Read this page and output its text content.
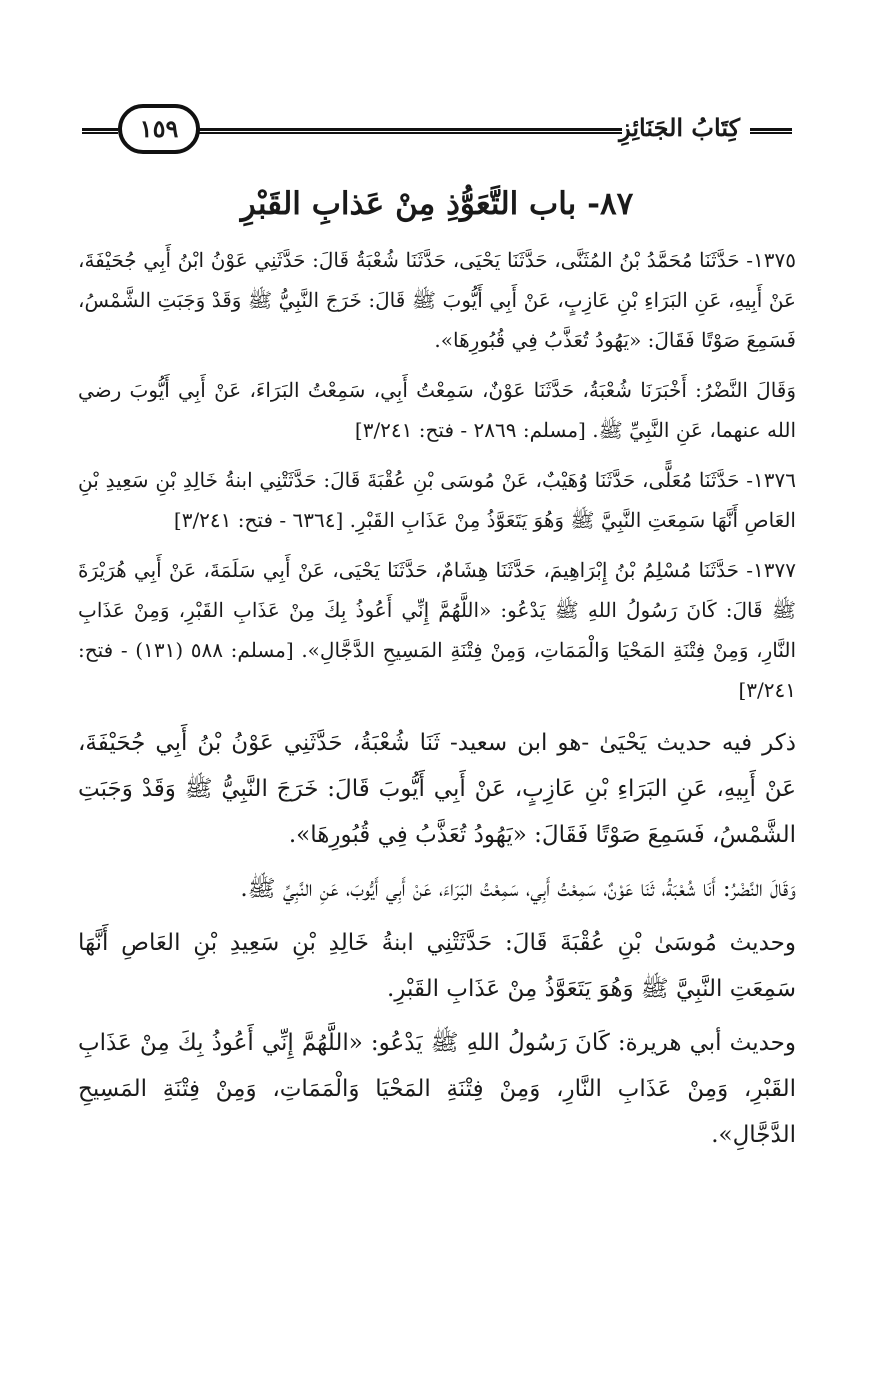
كِتَابُ الجَنَائِزِ
١٥٩
٨٧- باب التَّعَوُّذِ مِنْ عَذابِ القَبْرِ

١٣٧٥- حَدَّثَنَا مُحَمَّدُ بْنُ المُثَنَّى، حَدَّثَنَا يَحْيَى، حَدَّثَنَا شُعْبَةُ قَالَ: حَدَّثَنِي عَوْنُ ابْنُ أَبِي جُحَيْفَةَ، عَنْ أَبِيهِ، عَنِ البَرَاءِ بْنِ عَازِبٍ، عَنْ أَبِي أَيُّوبَ ﷺ قَالَ: خَرَجَ النَّبِيُّ ﷺ وَقَدْ وَجَبَتِ الشَّمْسُ، فَسَمِعَ صَوْتًا فَقَالَ: «يَهُودُ تُعَذَّبُ فِي قُبُورِهَا».

وَقَالَ النَّضْرُ: أَخْبَرَنَا شُعْبَةُ، حَدَّثَنَا عَوْنٌ، سَمِعْتُ أَبِي، سَمِعْتُ البَرَاءَ، عَنْ أَبِي أَيُّوبَ رضي الله عنهما، عَنِ النَّبِيِّ ﷺ. [مسلم: ٢٨٦٩ - فتح: ٣/٢٤١]

١٣٧٦- حَدَّثَنَا مُعَلًّى، حَدَّثَنَا وُهَيْبٌ، عَنْ مُوسَى بْنِ عُقْبَةَ قَالَ: حَدَّثَتْنِي ابنةُ خَالِدِ بْنِ سَعِيدِ بْنِ العَاصِ أَنَّهَا سَمِعَتِ النَّبِيَّ ﷺ وَهُوَ يَتَعَوَّذُ مِنْ عَذَابِ القَبْرِ. [٦٣٦٤ - فتح: ٣/٢٤١]

١٣٧٧- حَدَّثَنَا مُسْلِمُ بْنُ إِبْرَاهِيمَ، حَدَّثَنَا هِشَامٌ، حَدَّثَنَا يَحْيَى، عَنْ أَبِي سَلَمَةَ، عَنْ أَبِي هُرَيْرَةَ ﷺ قَالَ: كَانَ رَسُولُ اللهِ ﷺ يَدْعُو: «اللَّهُمَّ إِنِّي أَعُوذُ بِكَ مِنْ عَذَابِ القَبْرِ، وَمِنْ عَذَابِ النَّارِ، وَمِنْ فِتْنَةِ المَحْيَا وَالْمَمَاتِ، وَمِنْ فِتْنَةِ المَسِيحِ الدَّجَّالِ». [مسلم: ٥٨٨ (١٣١) - فتح: ٣/٢٤١]

ذكر فيه حديث يَحْيَىٰ -هو ابن سعيد- ثَنَا شُعْبَةُ، حَدَّثَنِي عَوْنُ بْنُ أَبِي جُحَيْفَةَ، عَنْ أَبِيهِ، عَنِ البَرَاءِ بْنِ عَازِبٍ، عَنْ أَبِي أَيُّوبَ قَالَ: خَرَجَ النَّبِيُّ ﷺ وَقَدْ وَجَبَتِ الشَّمْسُ، فَسَمِعَ صَوْتًا فَقَالَ: «يَهُودُ تُعَذَّبُ فِي قُبُورِهَا».

وَقَالَ النَّضْرُ: أَنَا شُعْبَةُ، ثَنَا عَوْنٌ، سَمِعْتُ أَبِي، سَمِعْتُ البَرَاءَ، عَنْ أَبِي أَيُّوبَ، عَنِ النَّبِيِّ ﷺ.

وحديث مُوسَىٰ بْنِ عُقْبَةَ قَالَ: حَدَّثَتْنِي ابنةُ خَالِدِ بْنِ سَعِيدِ بْنِ العَاصِ أَنَّهَا سَمِعَتِ النَّبِيَّ ﷺ وَهُوَ يَتَعَوَّذُ مِنْ عَذَابِ القَبْرِ.

وحديث أبي هريرة: كَانَ رَسُولُ اللهِ ﷺ يَدْعُو: «اللَّهُمَّ إِنِّي أَعُوذُ بِكَ مِنْ عَذَابِ القَبْرِ، وَمِنْ عَذَابِ النَّارِ، وَمِنْ فِتْنَةِ المَحْيَا وَالْمَمَاتِ، وَمِنْ فِتْنَةِ المَسِيحِ الدَّجَّالِ».
